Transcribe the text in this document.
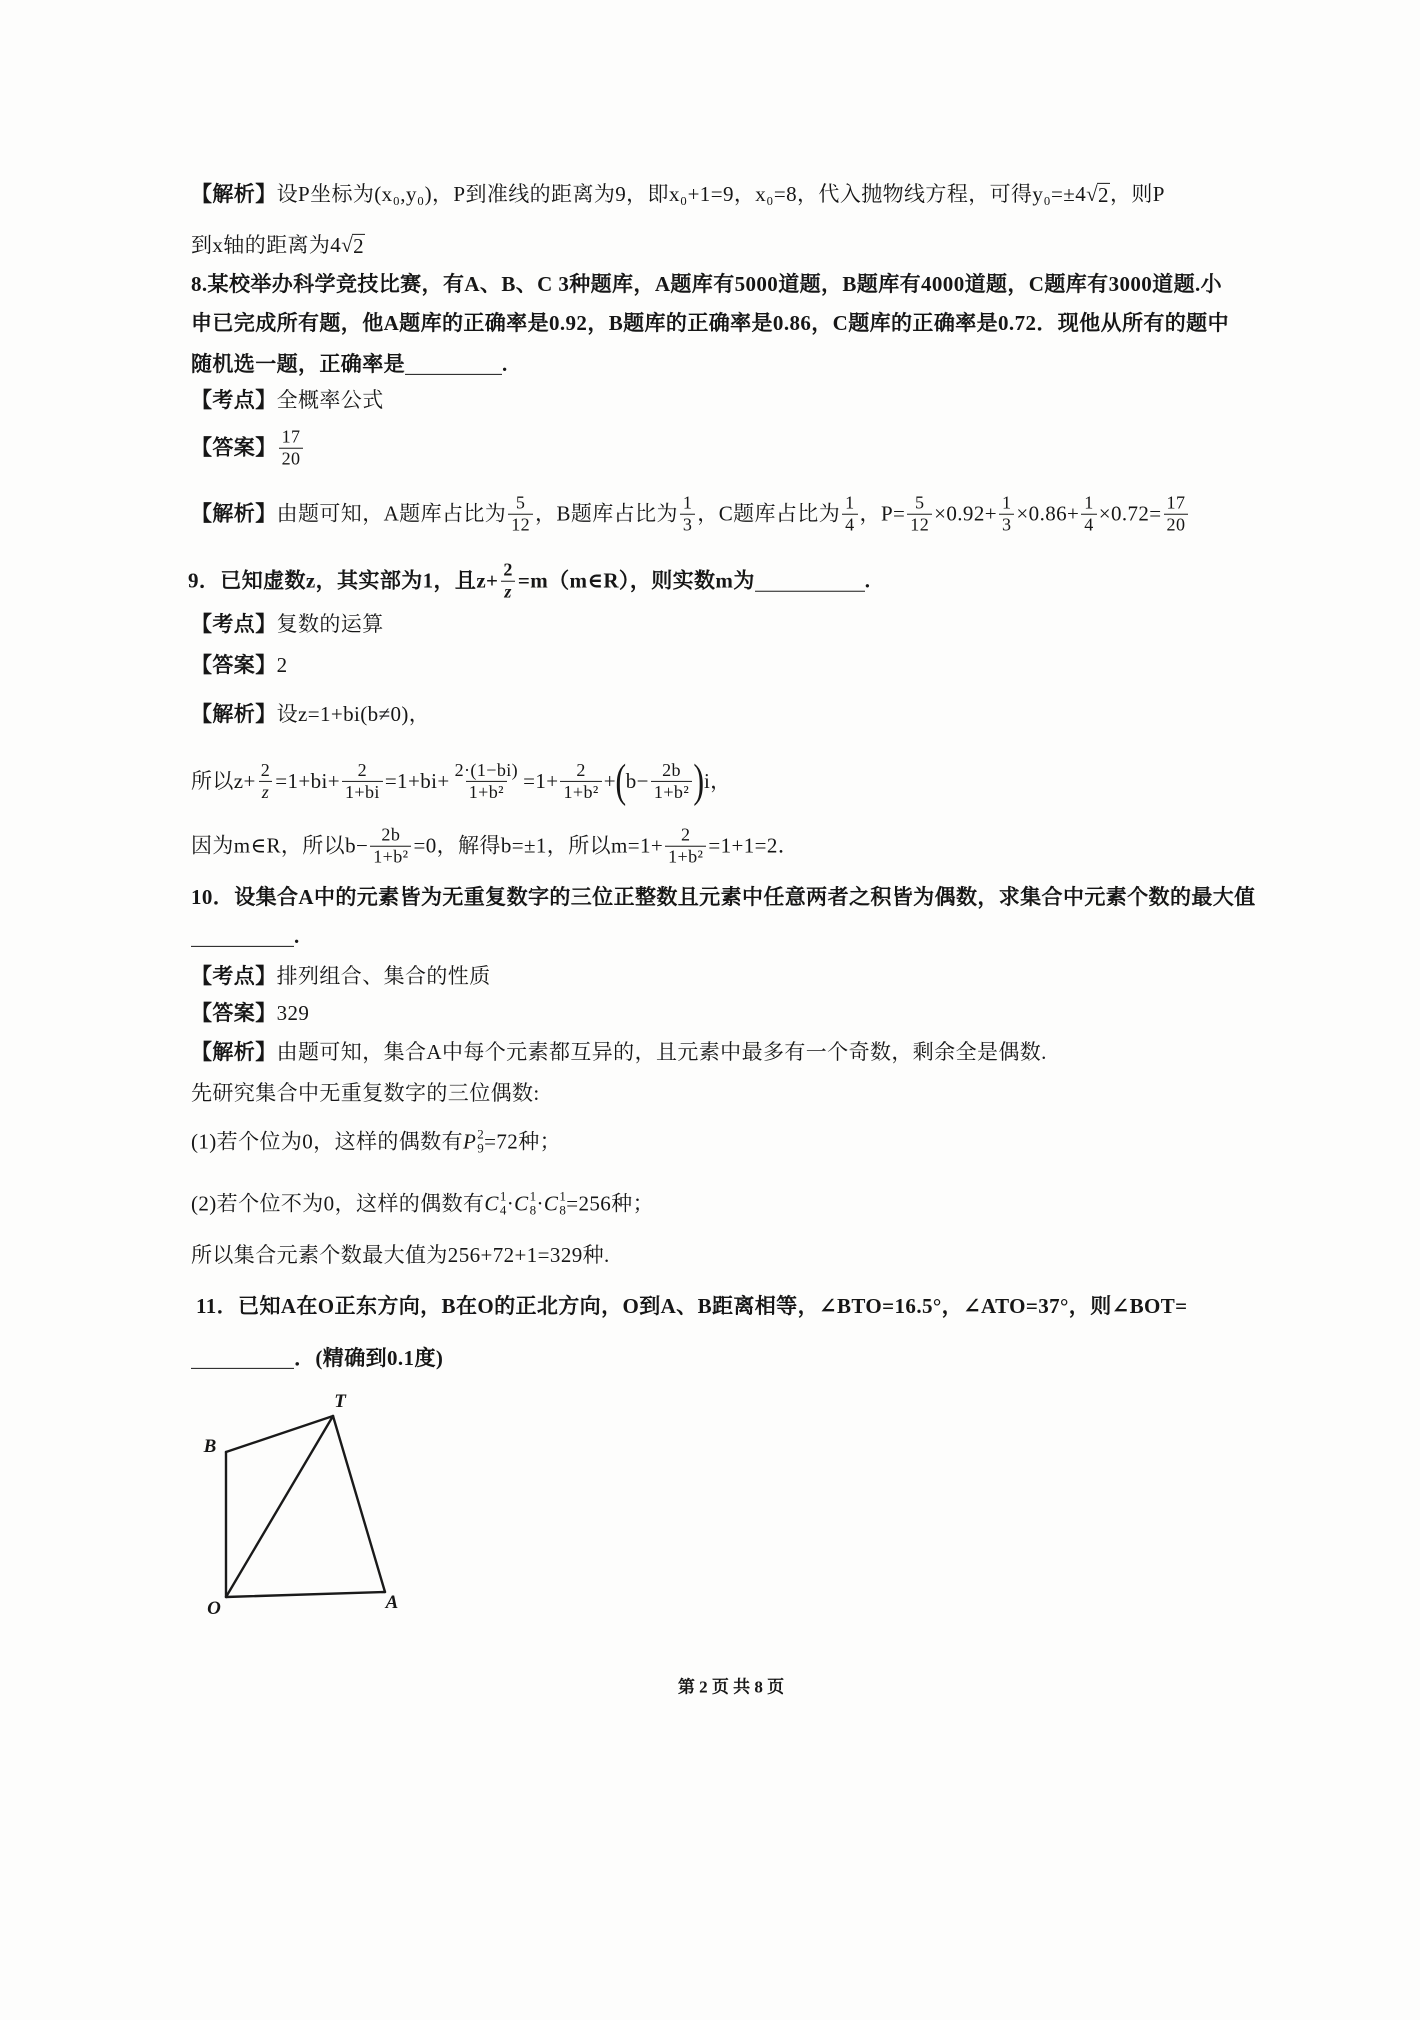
【解析】 设P坐标为(x₀,y₀)，P到准线的距离为9，即x₀+1=9，x₀=8，代入抛物线方程，可得y₀=±4√ 2 ，则P
到x轴的距离为4√ 2
8.某校举办科学竞技比赛，有A、B、C 3种题库，A题库有5000道题，B题库有4000道题，C题库有3000道题.小
申已完成所有题，他A题库的正确率是0.92，B题库的正确率是0.86，C题库的正确率是0.72．现他从所有的题中
随机选一题，正确率是	.
【考点】 全概率公式
【答案】 $\frac{17}{20}$
【解析】 由题可知，A题库占比为 $\frac{5}{12}$ ，B题库占比为 $\frac{1}{3}$ ，C题库占比为 $\frac{1}{4}$ ，$P= \frac{5}{12} \times 0.92+ \frac{1}{3} \times 0.86+ \frac{1}{4} \times 0.72= \frac{17}{20}$
9．已知虚数z，其实部为1，且$z+ \frac{2}{z}$ =m（m∈R），则实数m为	.
【考点】 复数的运算
【答案】 2
【解析】 设z=1+bi(b≠0)，
所以$z+ \frac{2}{z} =1+bi+ \frac{2}{1+bi} =1+bi+ \frac{2\cdot(1-bi)}{\text{1+b²}} =1+ \frac{2}{\text{1+b²}}$ + ( $b- \frac{2b}{\text{1+b²}}$ ) i，
因为m∈R，所以$b- \frac{2b}{\text{1+b²}} =0$，解得b=±1，所以$m=1+ \frac{2}{\text{1+b²}} =1+1=2$．
10．设集合A中的元素皆为无重复数字的三位正整数且元素中任意两者之积皆为偶数，求集合中元素个数的最大值
.
【考点】 排列组合、集合的性质
【答案】 329
【解析】 由题可知，集合A中每个元素都互异的，且元素中最多有一个奇数，剩余全是偶数.
先研究集合中无重复数字的三位偶数:
(1)若个位为0，这样的偶数有 P 2
9 =72种；
(2)若个位不为0，这样的偶数有 C 1
4 · C 1
8 · C 1
8 =256种；
所以集合元素个数最大值为256+72+1=329种.
11．已知A在O正东方向，B在O的正北方向，O到A、B距离相等，∠BTO=16.5°，∠ATO=37°，则∠BOT=
．(精确到0.1度)
B
T
O	A
第 2 页 共 8 页
